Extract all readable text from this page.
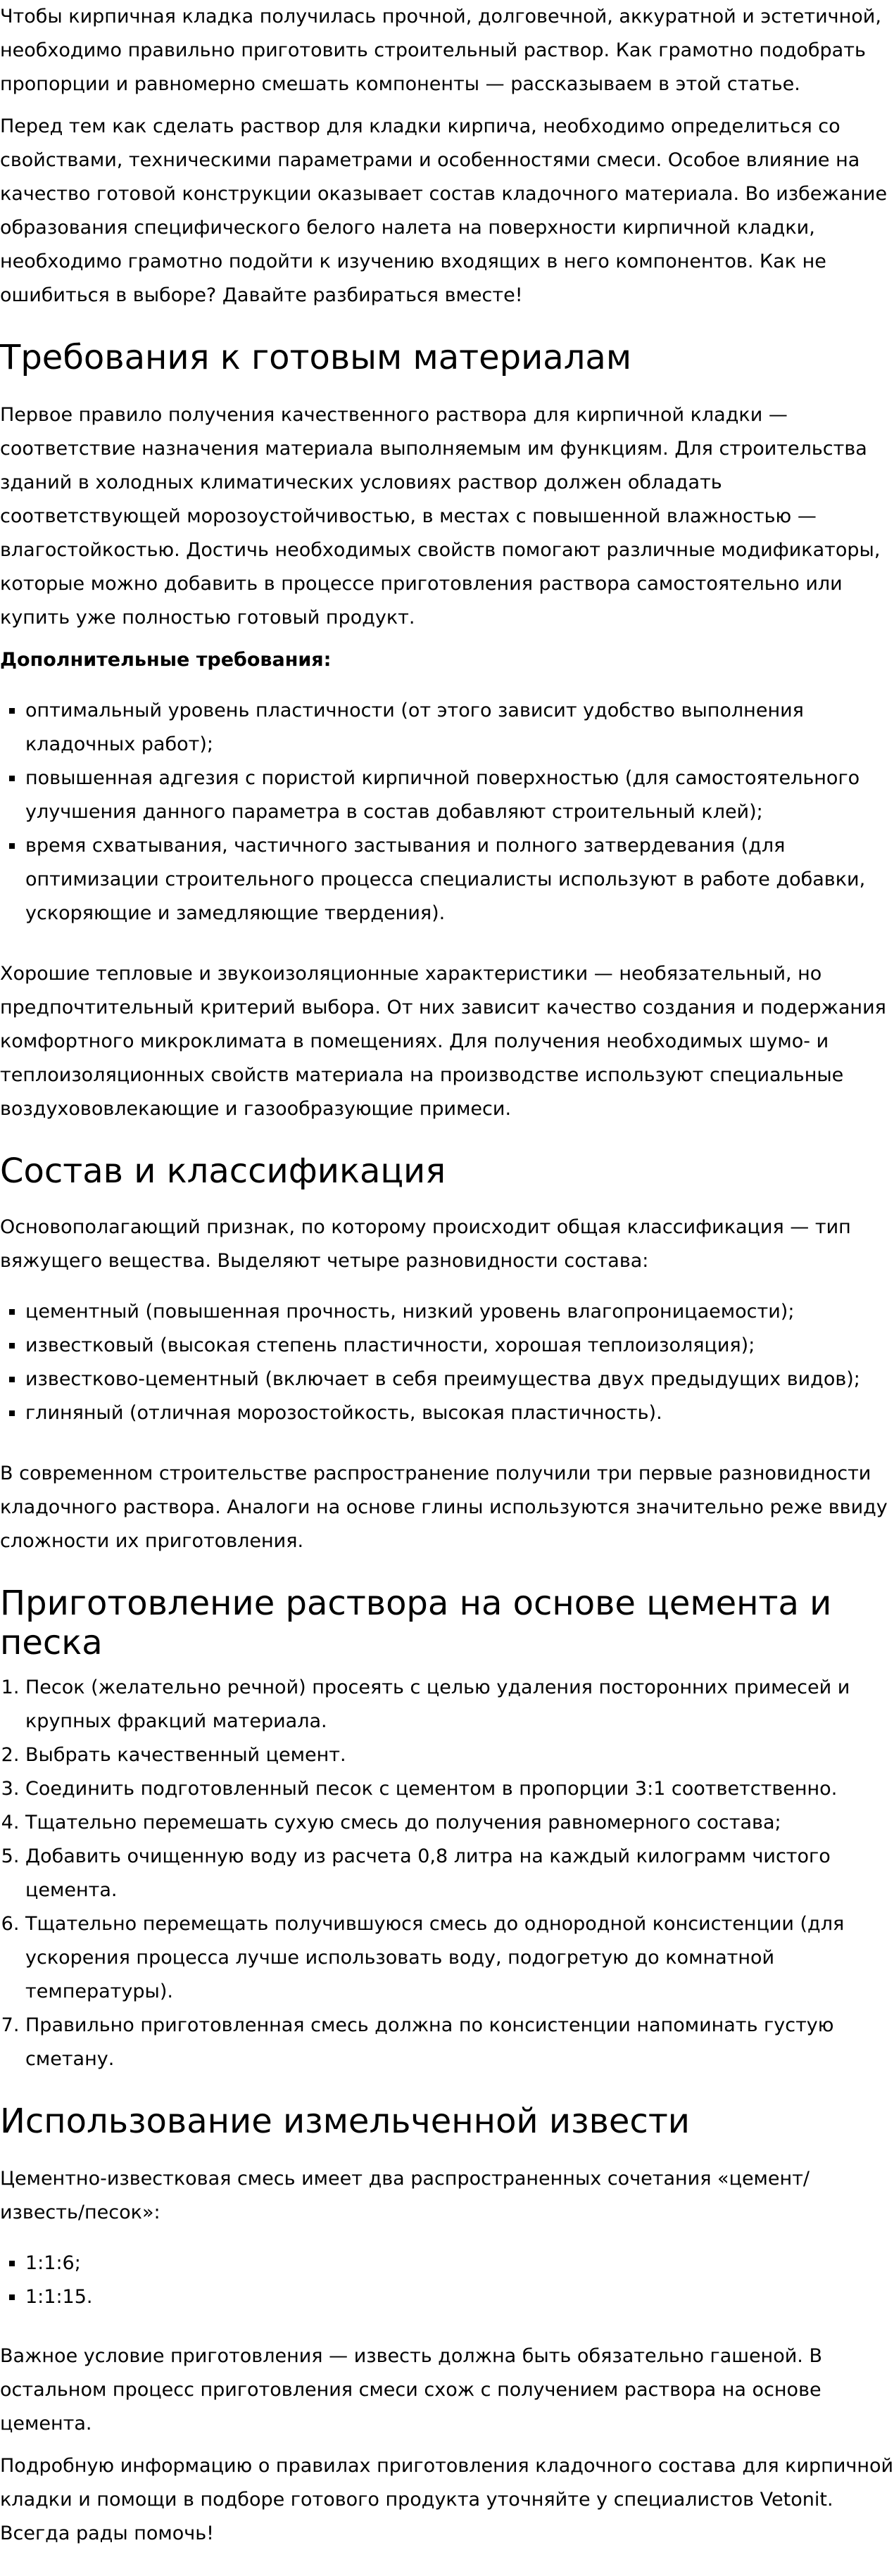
Чтобы кирпичная кладка получилась прочной, долговечной, аккуратной и эстетичной, необходимо правильно приготовить строительный раствор. Как грамотно подобрать пропорции и равномерно смешать компоненты — рассказываем в этой статье.

Перед тем как сделать раствор для кладки кирпича, необходимо определиться со свойствами, техническими параметрами и особенностями смеси. Особое влияние на качество готовой конструкции оказывает состав кладочного материала. Во избежание образования специфического белого налета на поверхности кирпичной кладки, необходимо грамотно подойти к изучению входящих в него компонентов. Как не ошибиться в выборе? Давайте разбираться вместе!

Требования к готовым материалам

Первое правило получения качественного раствора для кирпичной кладки — соответствие назначения материала выполняемым им функциям. Для строительства зданий в холодных климатических условиях раствор должен обладать соответствующей морозоустойчивостью, в местах с повышенной влажностью — влагостойкостью. Достичь необходимых свойств помогают различные модификаторы, которые можно добавить в процессе приготовления раствора самостоятельно или купить уже полностью готовый продукт.

Дополнительные требования:

▪ оптимальный уровень пластичности (от этого зависит удобство выполнения кладочных работ);
▪ повышенная адгезия с пористой кирпичной поверхностью (для самостоятельного улучшения данного параметра в состав добавляют строительный клей);
▪ время схватывания, частичного застывания и полного затвердевания (для оптимизации строительного процесса специалисты используют в работе добавки, ускоряющие и замедляющие твердения).

Хорошие тепловые и звукоизоляционные характеристики — необязательный, но предпочтительный критерий выбора. От них зависит качество создания и подержания комфортного микроклимата в помещениях. Для получения необходимых шумо- и теплоизоляционных свойств материала на производстве используют специальные воздухововлекающие и газообразующие примеси.

Состав и классификация

Основополагающий признак, по которому происходит общая классификация — тип вяжущего вещества. Выделяют четыре разновидности состава:

▪ цементный (повышенная прочность, низкий уровень влагопроницаемости);
▪ известковый (высокая степень пластичности, хорошая теплоизоляция);
▪ известково-цементный (включает в себя преимущества двух предыдущих видов);
▪ глиняный (отличная морозостойкость, высокая пластичность).

В современном строительстве распространение получили три первые разновидности кладочного раствора. Аналоги на основе глины используются значительно реже ввиду сложности их приготовления.

Приготовление раствора на основе цемента и песка
1. Песок (желательно речной) просеять с целью удаления посторонних примесей и крупных фракций материала.
2. Выбрать качественный цемент.
3. Соединить подготовленный песок с цементом в пропорции 3:1 соответственно.
4. Тщательно перемешать сухую смесь до получения равномерного состава;
5. Добавить очищенную воду из расчета 0,8 литра на каждый килограмм чистого цемента.
6. Тщательно перемещать получившуюся смесь до однородной консистенции (для ускорения процесса лучше использовать воду, подогретую до комнатной температуры).
7. Правильно приготовленная смесь должна по консистенции напоминать густую сметану.
Использование измельченной извести

Цементно-известковая смесь имеет два распространенных сочетания «цемент/известь/песок»:

▪ 1:1:6;
▪ 1:1:15.

Важное условие приготовления — известь должна быть обязательно гашеной. В остальном процесс приготовления смеси схож с получением раствора на основе цемента.

Подробную информацию о правилах приготовления кладочного состава для кирпичной кладки и помощи в подборе готового продукта уточняйте у специалистов Vetonit. Всегда рады помочь!
